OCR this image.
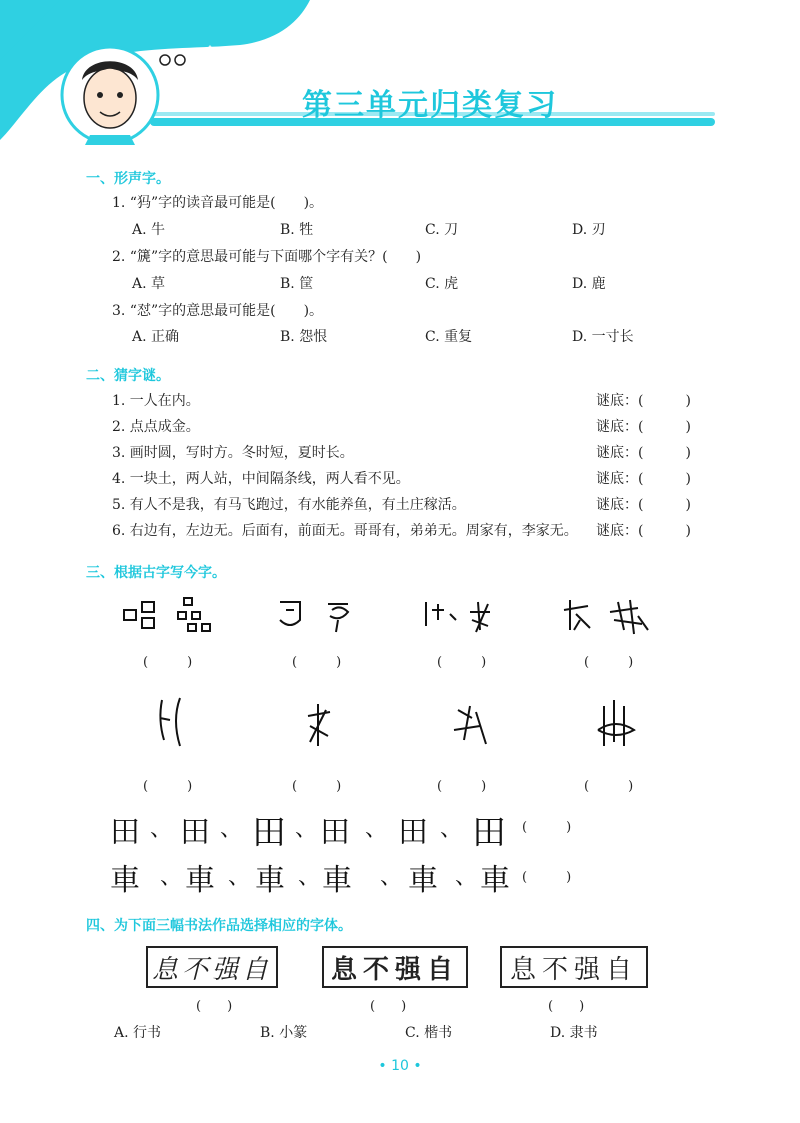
第三单元归类复习
一、形声字。
1. “犸”字的读音最可能是(　　)。
A. 牛	B. 牲	C. 刀	D. 刃
2. “篪”字的意思最可能与下面哪个字有关？(　　)
A. 草	B. 筐	C. 虎	D. 鹿
3. “怼”字的意思最可能是(　　)。
A. 正确	B. 怨恨	C. 重复	D. 一寸长
二、猜字谜。
1. 一人在内。	谜底：(　　　)
2. 点点成金。	谜底：(　　　)
3. 画时圆，写时方。冬时短，夏时长。	谜底：(　　　)
4. 一块土，两人站，中间隔条线，两人看不见。	谜底：(　　　)
5. 有人不是我，有马飞跑过，有水能养鱼，有土庄稼活。	谜底：(　　　)
6. 右边有，左边无。后面有，前面无。哥哥有，弟弟无。周家有，李家无。	谜底：(　　　)
三、根据古字写今字。
(　　　)	(　　　)	(　　　)	(　　　)
(　　　)	(　　　)	(　　　)	(　　　)
田 、 田 、 田 、 田 、 田 、 田 (　　　)
車 、 車 、 車 、 車 、 車 、 車 (　　　)
四、为下面三幅书法作品选择相应的字体。
息不强自	息不强自	息不强自
(　　)	(　　)	(　　)
A. 行书	B. 小篆	C. 楷书	D. 隶书
• 10 •
